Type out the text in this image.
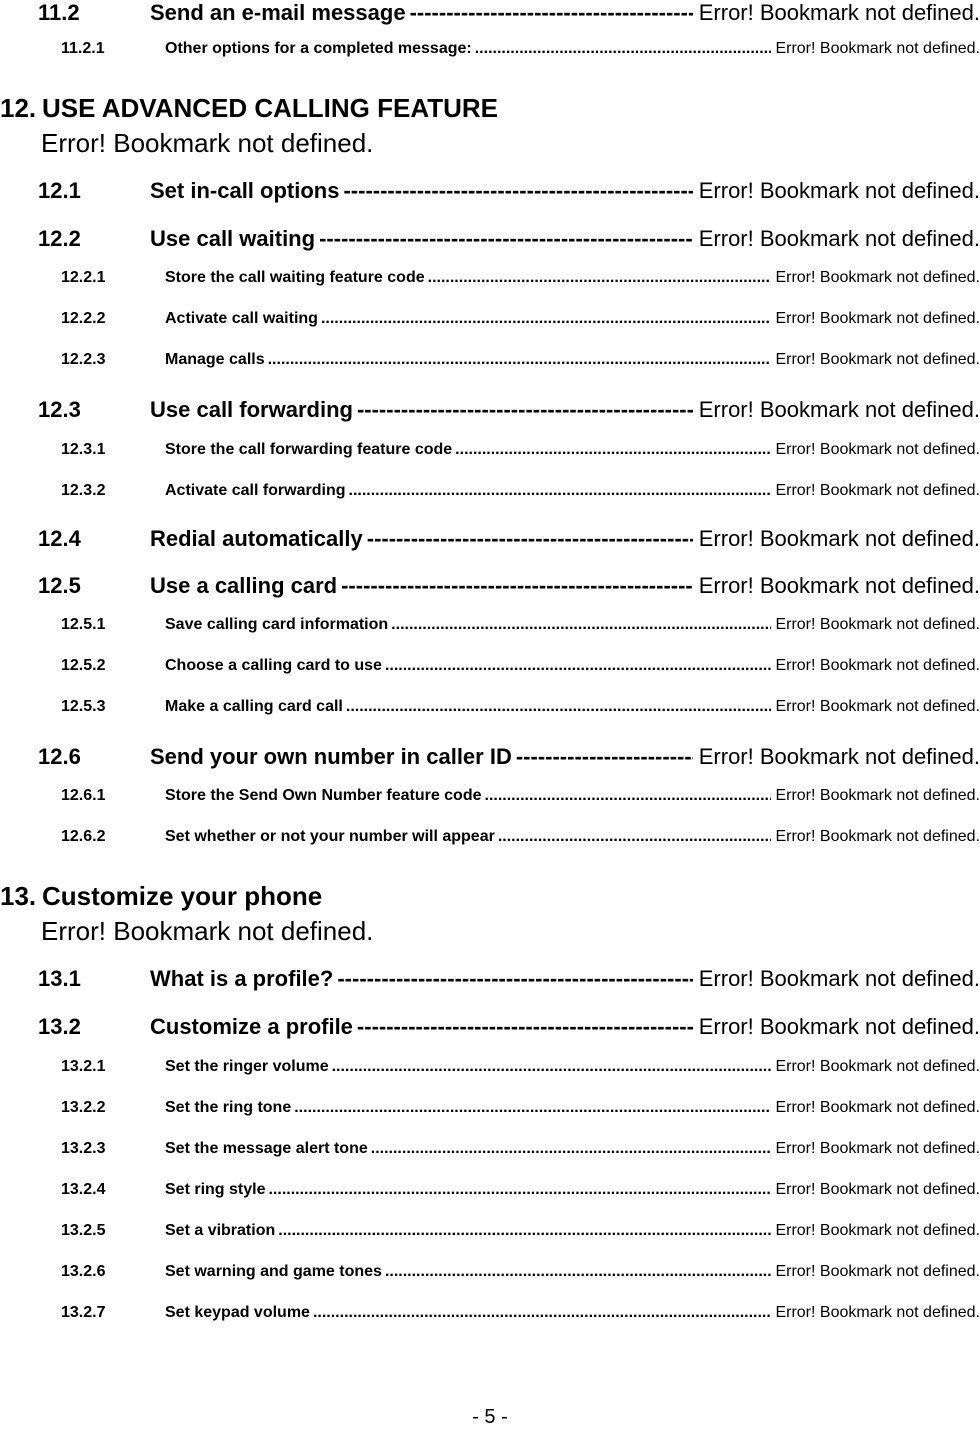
12. USE ADVANCED CALLING FEATURE
Error! Bookmark not defined.
13. Customize your phone
Error! Bookmark not defined.
11.2	Send an e-mail message -----	Error! Bookmark not defined.
11.2.1	Other options for a completed message: .....	Error! Bookmark not defined.
12.1	Set in-call options -----	Error! Bookmark not defined.
12.2	Use call waiting -----	Error! Bookmark not defined.
12.2.1	Store the call waiting feature code .....	Error! Bookmark not defined.
12.2.2	Activate call waiting .....	Error! Bookmark not defined.
12.2.3	Manage calls .....	Error! Bookmark not defined.
12.3	Use call forwarding -----	Error! Bookmark not defined.
12.3.1	Store the call forwarding feature code .....	Error! Bookmark not defined.
12.3.2	Activate call forwarding .....	Error! Bookmark not defined.
12.4	Redial automatically -----	Error! Bookmark not defined.
12.5	Use a calling card -----	Error! Bookmark not defined.
12.5.1	Save calling card information .....	Error! Bookmark not defined.
12.5.2	Choose a calling card to use .....	Error! Bookmark not defined.
12.5.3	Make a calling card call .....	Error! Bookmark not defined.
12.6	Send your own number in caller ID -----	Error! Bookmark not defined.
12.6.1	Store the Send Own Number feature code .....	Error! Bookmark not defined.
12.6.2	Set whether or not your number will appear .....	Error! Bookmark not defined.
13.1	What is a profile? -----	Error! Bookmark not defined.
13.2	Customize a profile -----	Error! Bookmark not defined.
13.2.1	Set the ringer volume .....	Error! Bookmark not defined.
13.2.2	Set the ring tone .....	Error! Bookmark not defined.
13.2.3	Set the message alert tone .....	Error! Bookmark not defined.
13.2.4	Set ring style .....	Error! Bookmark not defined.
13.2.5	Set a vibration .....	Error! Bookmark not defined.
13.2.6	Set warning and game tones .....	Error! Bookmark not defined.
13.2.7	Set keypad volume .....	Error! Bookmark not defined.
- 5 -
